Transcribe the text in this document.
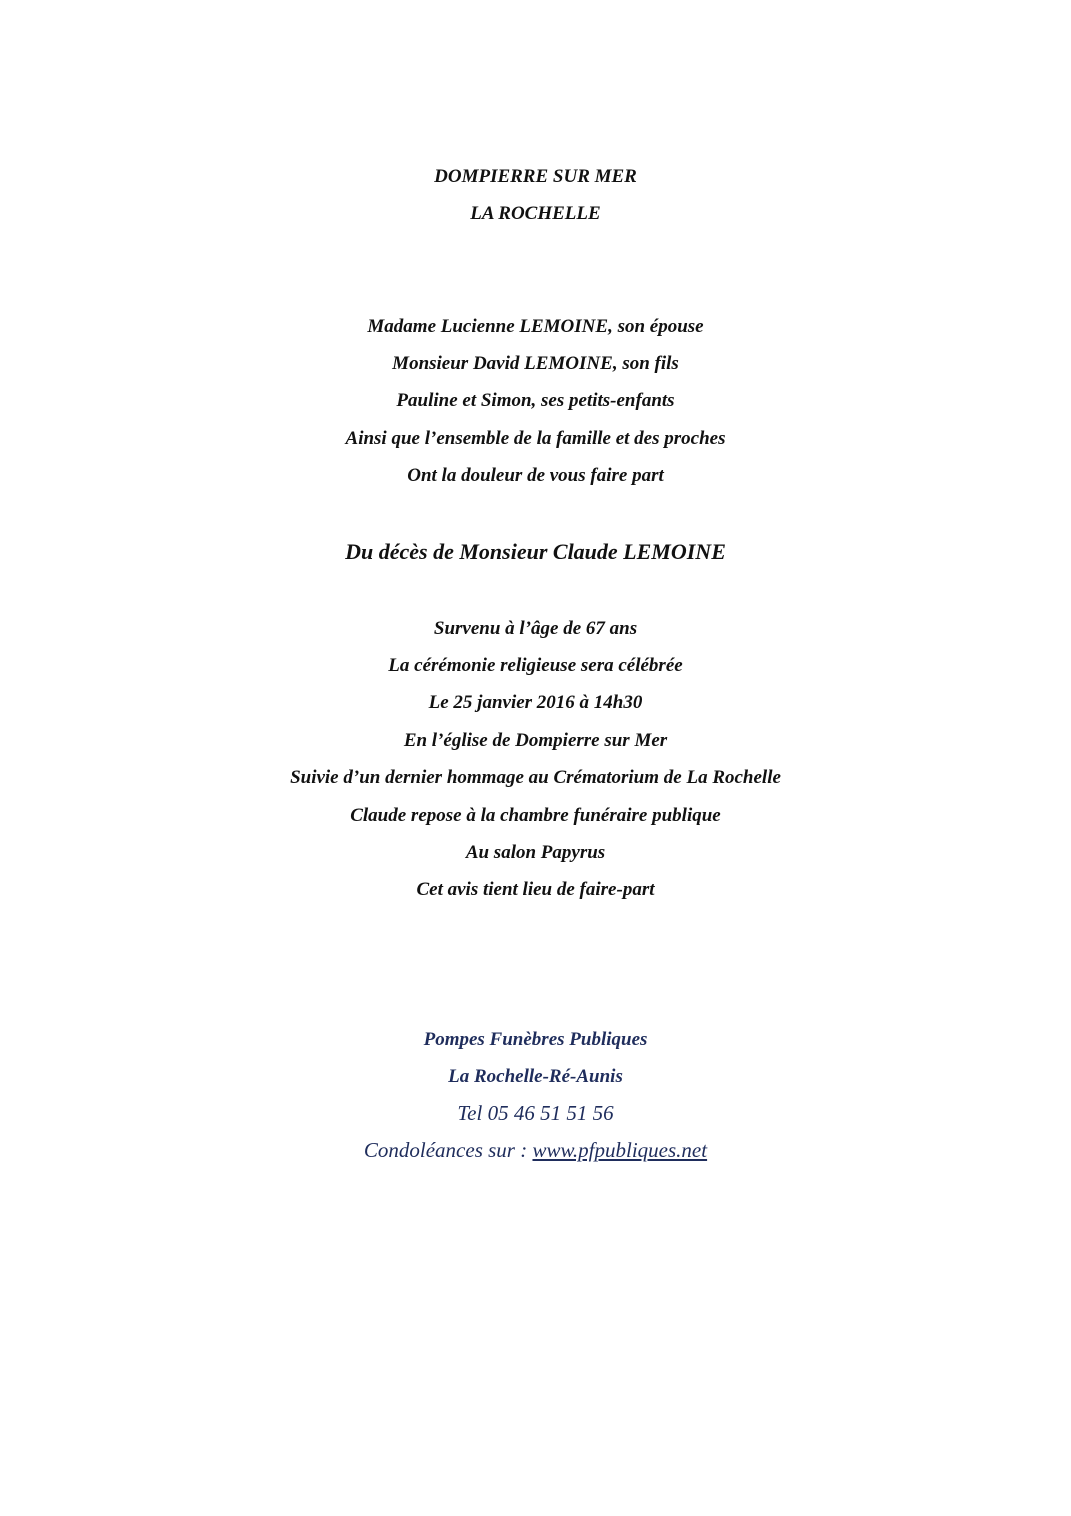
DOMPIERRE SUR MER
LA ROCHELLE
Madame Lucienne LEMOINE, son épouse
Monsieur David LEMOINE, son fils
Pauline et Simon, ses petits-enfants
Ainsi que l’ensemble de la famille et des proches
Ont la douleur de vous faire part
Du décès de Monsieur Claude LEMOINE
Survenu à l’âge de 67 ans
La cérémonie religieuse sera célébrée
Le 25 janvier 2016 à 14h30
En l’église de Dompierre sur Mer
Suivie d’un dernier hommage au Crématorium de La Rochelle
Claude repose à la chambre funéraire publique
Au salon Papyrus
Cet avis tient lieu de faire-part
Pompes Funèbres Publiques
La Rochelle-Ré-Aunis
Tel 05 46 51 51 56
Condoléances sur : www.pfpubliques.net
